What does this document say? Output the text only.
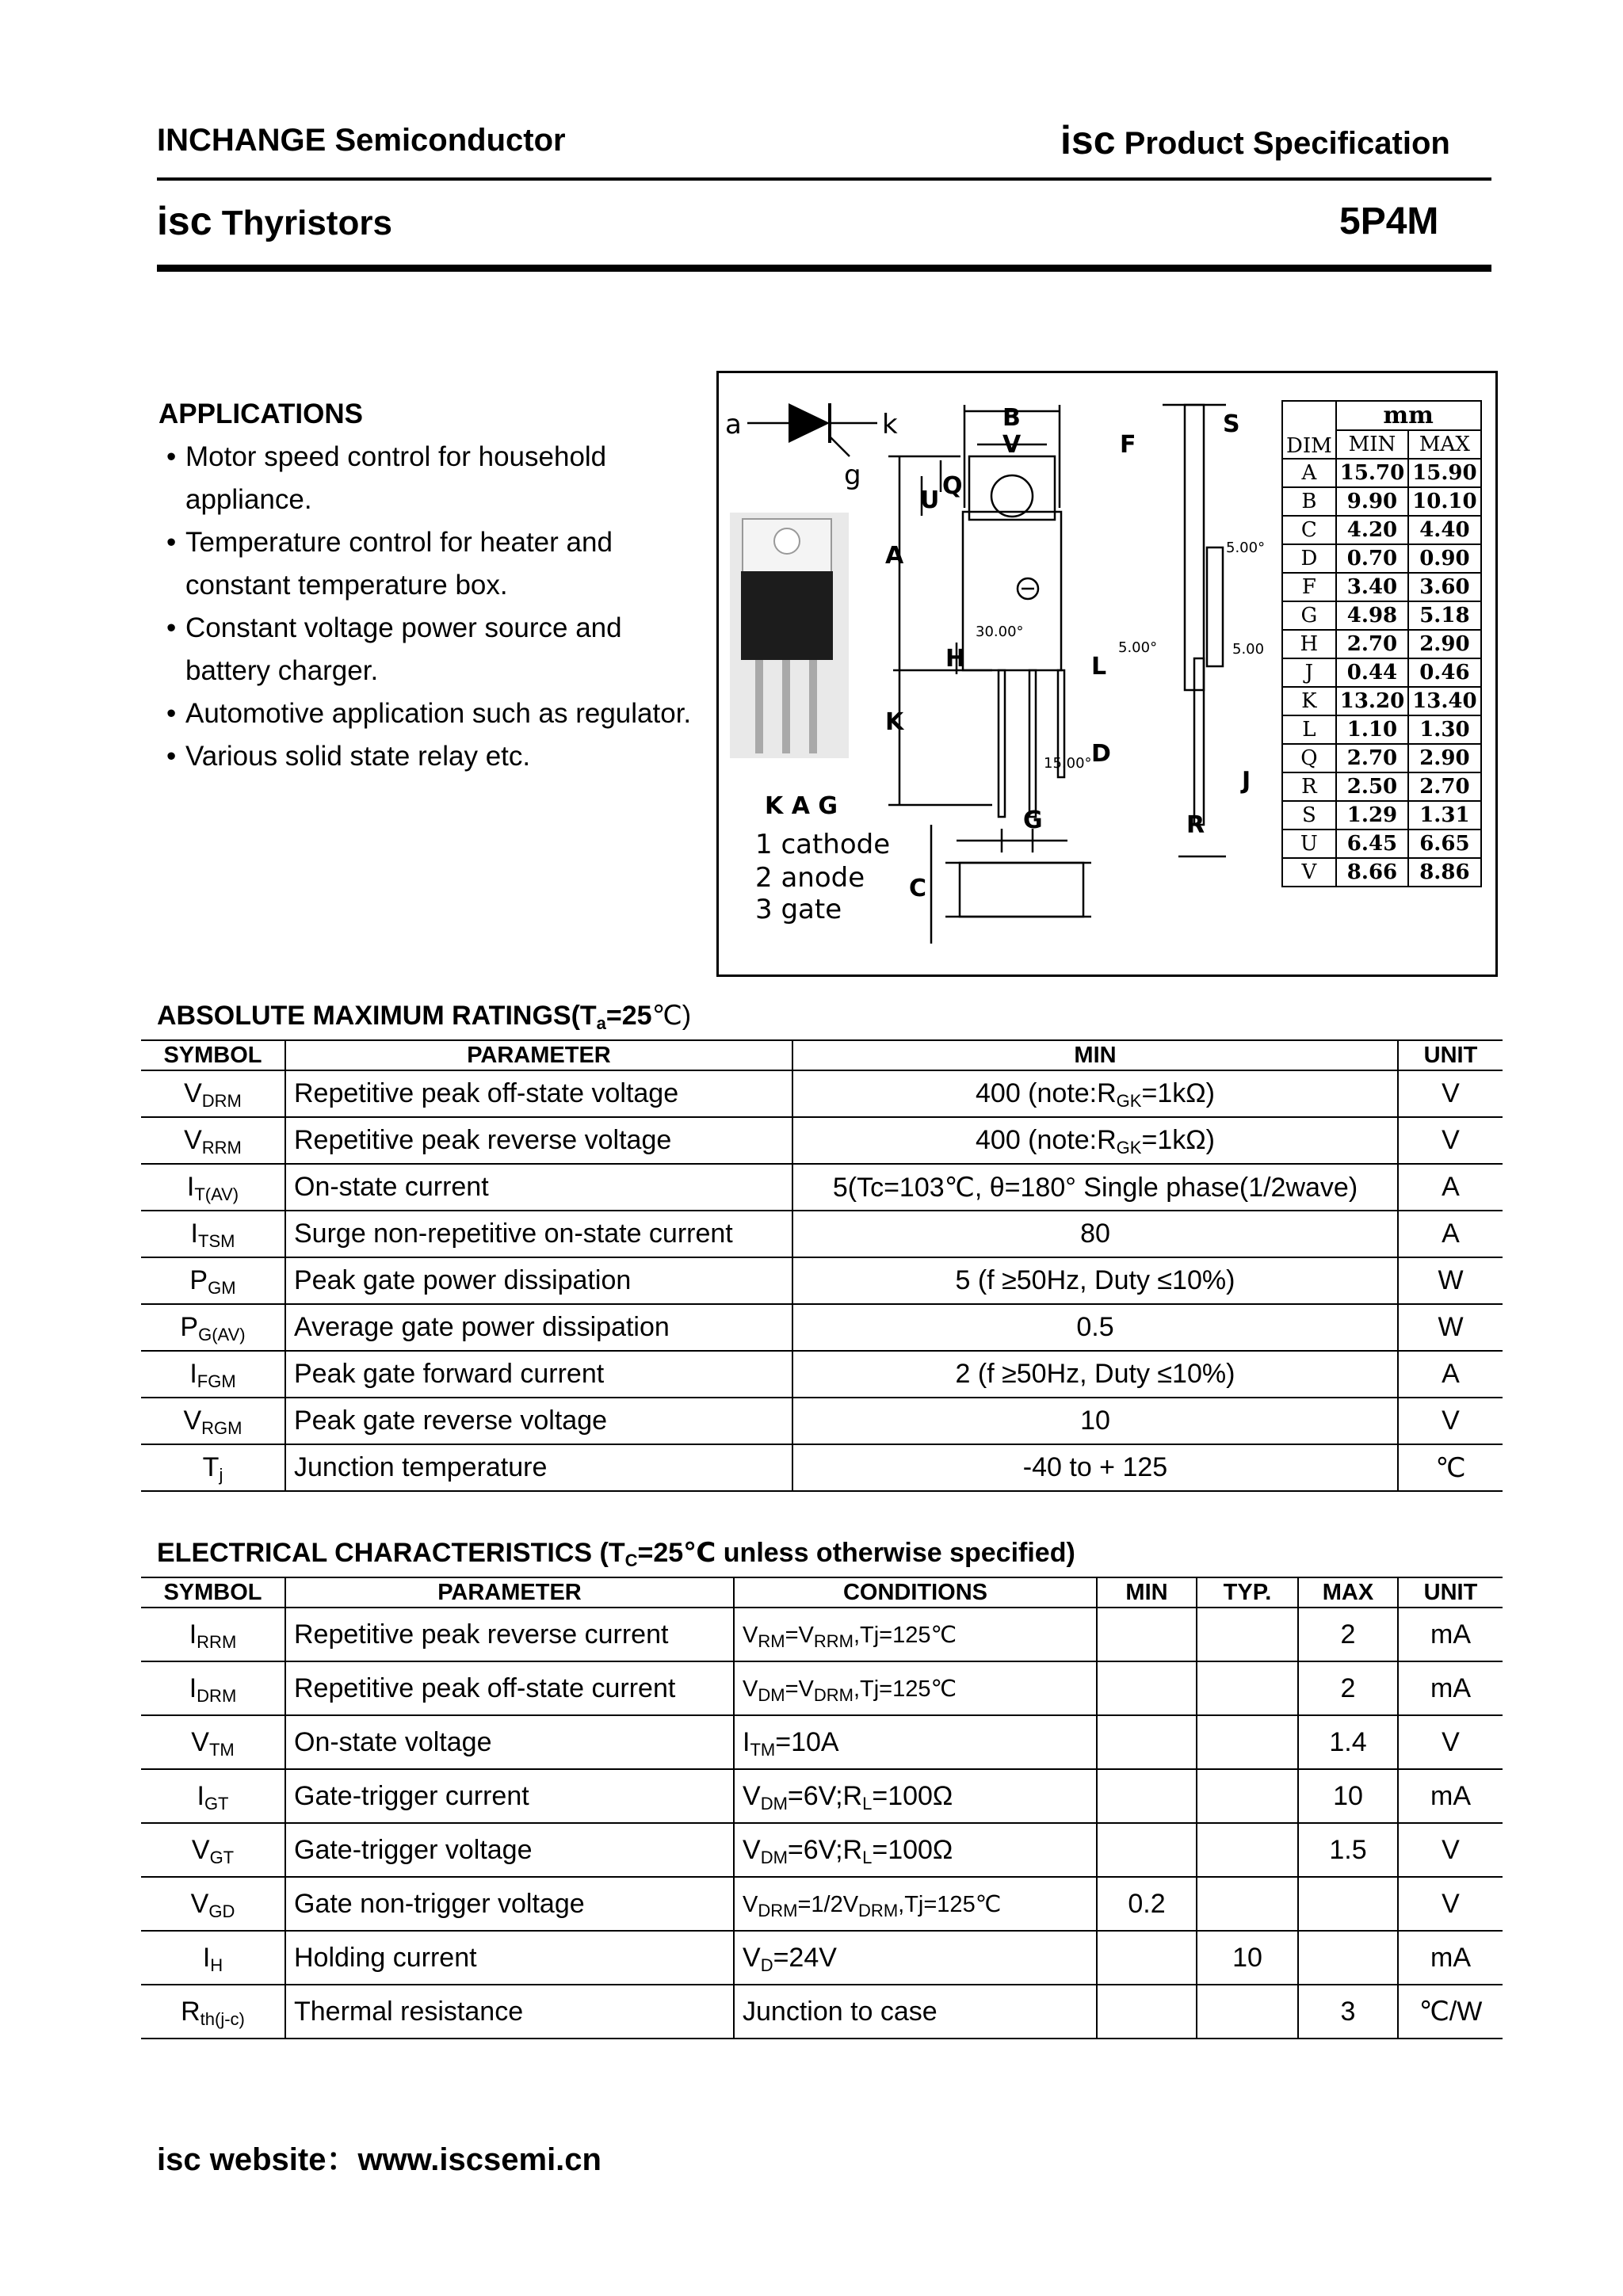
INCHANGE Semiconductor	isc Product Specification
isc Thyristors	5P4M
APPLICATIONS
• Motor speed control for household
appliance.
• Temperature control for heater and
constant temperature box.
• Constant voltage power source and
battery charger.
• Automotive application such as regulator.
• Various solid state relay etc.
a	k
g
K A G
1 cathode
2 anode
3 gate
B
V	F
S
Q
U
A
H	L
K
D
G
J
R
C
30.00°
5.00°
5.00°	5.00
15.00°
DIM	mm	
	MIN	MAX
A	15.70	15.90
B	9.90	10.10
C	4.20	4.40
D	0.70	0.90
F	3.40	3.60
G	4.98	5.18
H	2.70	2.90
J	0.44	0.46
K	13.20	13.40
L	1.10	1.30
Q	2.70	2.90
R	2.50	2.70
S	1.29	1.31
U	6.45	6.65
V	8.66	8.86
ABSOLUTE MAXIMUM $RATINGS(T_a=25℃)$
SYMBOL	PARAMETER	MIN	UNIT
$V_{DRM}$	Repetitive peak off-state voltage	400 $(note:R_{GK}=1k\Omega)$	V
$V_{RRM}$	Repetitive peak reverse voltage	400 $(note:R_{GK}=1k\Omega)$	V
$I_{T(AV)}$	On-state current	5(Tc=103℃, θ=180° Single phase(1/2wave)	A
$I_{TSM}$	Surge non-repetitive on-state current	80	A
$P_{GM}$	Peak gate power dissipation	5 (f ≥50Hz, Duty ≤10%)	W
$P_{G(AV)}$	Average gate power dissipation	0.5	W
$I_{FGM}$	Peak gate forward current	2 (f ≥50Hz, Duty ≤10%)	A
$V_{RGM}$	Peak gate reverse voltage	10	V
$T_j$	Junction temperature	-40 to + 125	℃
ELECTRICAL CHARACTERISTICS ($T_C=25℃$ unless otherwise specified)
SYMBOL	PARAMETER	CONDITIONS	MIN	TYP.	MAX	UNIT
$I_{RRM}$	Repetitive peak reverse current	$V_{RM}=V_{RRM},Tj=125℃$			2	mA
$I_{DRM}$	Repetitive peak off-state current	$V_{DM}=V_{DRM},Tj=125℃$			2	mA
$V_{TM}$	On-state voltage	$I_{TM}=10A$			1.4	V
$I_{GT}$	Gate-trigger current	$V_{DM}=6V;R_L=100\Omega$			10	mA
$V_{GT}$	Gate-trigger voltage	$V_{DM}=6V;R_L=100\Omega$			1.5	V
$V_{GD}$	Gate non-trigger voltage	$V_{DRM}=1/2V_{DRM},Tj=125℃$	0.2			V
$I_H$	Holding current	$V_D=24V$		10		mA
$R_{th(j-c)}$	Thermal resistance	Junction to case			3	℃/W
isc website：www.iscsemi.cn
